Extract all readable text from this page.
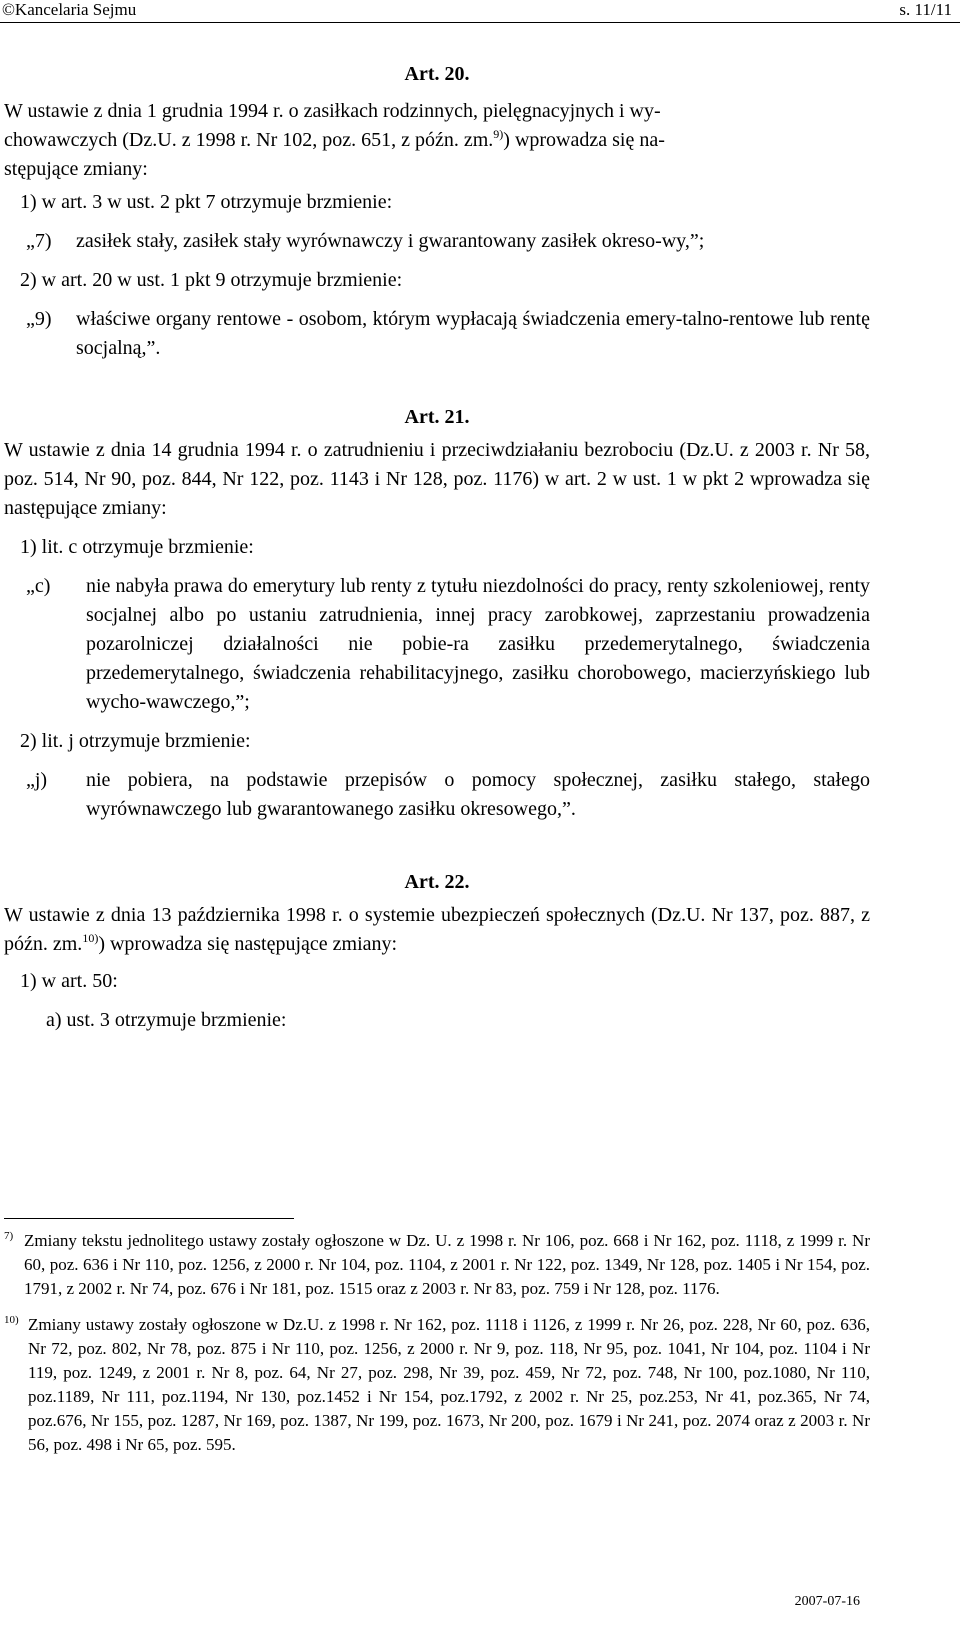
©Kancelaria Sejmu	s. 11/11
Art. 20.

W ustawie z dnia 1 grudnia 1994 r. o zasiłkach rodzinnych, pielęgnacyjnych i wy-
chowawczych (Dz.U. z 1998 r. Nr 102, poz. 651, z późn. zm.$^{9)}$) wprowadza się na-
stępujące zmiany:

1) w art. 3 w ust. 2 pkt 7 otrzymuje brzmienie:
„7) zasiłek stały, zasiłek stały wyrównawczy i gwarantowany zasiłek okreso-wy,”;
2) w art. 20 w ust. 1 pkt 9 otrzymuje brzmienie:
„9) właściwe organy rentowe - osobom, którym wypłacają świadczenia emery-talno-rentowe lub rentę socjalną,”.
Art. 21.

W ustawie z dnia 14 grudnia 1994 r. o zatrudnieniu i przeciwdziałaniu bezrobociu (Dz.U. z 2003 r. Nr 58, poz. 514, Nr 90, poz. 844, Nr 122, poz. 1143 i Nr 128, poz. 1176) w art. 2 w ust. 1 w pkt 2 wprowadza się następujące zmiany:

1) lit. c otrzymuje brzmienie:
„c)	nie nabyła prawa do emerytury lub renty z tytułu niezdolności do pracy, renty szkoleniowej, renty socjalnej albo po ustaniu zatrudnienia, innej pracy zarobkowej, zaprzestaniu prowadzenia pozarolniczej działalności nie pobie-ra zasiłku przedemerytalnego, świadczenia przedemerytalnego, świadczenia rehabilitacyjnego, zasiłku chorobowego, macierzyńskiego lub wycho-wawczego,”;
2) lit. j otrzymuje brzmienie:
„j)	nie pobiera, na podstawie przepisów o pomocy społecznej, zasiłku stałego, stałego wyrównawczego lub gwarantowanego zasiłku okresowego,”.
Art. 22.

W ustawie z dnia 13 października 1998 r. o systemie ubezpieczeń społecznych (Dz.U. Nr 137, poz. 887, z późn. zm.$^{10)}$) wprowadza się następujące zmiany:

1) w art. 50:
a) ust. 3 otrzymuje brzmienie:
7) Zmiany tekstu jednolitego ustawy zostały ogłoszone w Dz. U. z 1998 r. Nr 106, poz. 668 i Nr 162, poz. 1118, z 1999 r. Nr 60, poz. 636 i Nr 110, poz. 1256, z 2000 r. Nr 104, poz. 1104, z 2001 r. Nr 122, poz. 1349, Nr 128, poz. 1405 i Nr 154, poz. 1791, z 2002 r. Nr 74, poz. 676 i Nr 181, poz. 1515 oraz z 2003 r. Nr 83, poz. 759 i Nr 128, poz. 1176.
10) Zmiany ustawy zostały ogłoszone w Dz.U. z 1998 r. Nr 162, poz. 1118 i 1126, z 1999 r. Nr 26, poz. 228, Nr 60, poz. 636, Nr 72, poz. 802, Nr 78, poz. 875 i Nr 110, poz. 1256, z 2000 r. Nr 9, poz. 118, Nr 95, poz. 1041, Nr 104, poz. 1104 i Nr 119, poz. 1249, z 2001 r. Nr 8, poz. 64, Nr 27, poz. 298, Nr 39, poz. 459, Nr 72, poz. 748, Nr 100, poz.1080, Nr 110, poz.1189, Nr 111, poz.1194, Nr 130, poz.1452 i Nr 154, poz.1792, z 2002 r. Nr 25, poz.253, Nr 41, poz.365, Nr 74, poz.676, Nr 155, poz. 1287, Nr 169, poz. 1387, Nr 199, poz. 1673, Nr 200, poz. 1679 i Nr 241, poz. 2074 oraz z 2003 r. Nr 56, poz. 498 i Nr 65, poz. 595.
2007-07-16
